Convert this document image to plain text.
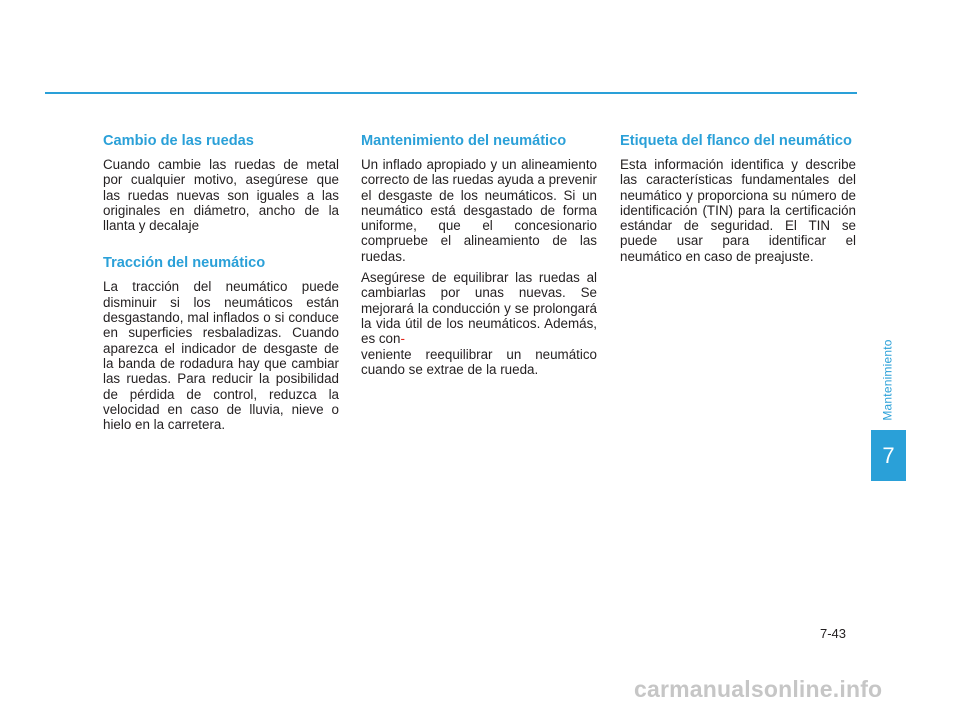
Cambio de las ruedas

Cuando cambie las ruedas de metal por cualquier motivo, asegúrese que las ruedas nuevas son iguales a las originales en diámetro, ancho de la llanta y decalaje

Tracción del neumático

La tracción del neumático puede disminuir si los neumáticos están desgastando, mal inflados o si conduce en superficies resbaladizas. Cuando aparezca el indicador de desgaste de la banda de rodadura hay que cambiar las ruedas. Para reducir la posibilidad de pérdida de control, reduzca la velocidad en caso de lluvia, nieve o hielo en la carretera.

Mantenimiento del neumático

Un inflado apropiado y un alineamiento correcto de las ruedas ayuda a prevenir el desgaste de los neumáticos. Si un neumático está desgastado de forma uniforme, que el concesionario compruebe el alineamiento de las ruedas.

Asegúrese de equilibrar las ruedas al cambiarlas por unas nuevas. Se mejorará la conducción y se prolongará la vida útil de los neumáticos. Además, es con-
veniente reequilibrar un neumático cuando se extrae de la rueda.

Etiqueta del flanco del neumático

Esta información identifica y describe las características fundamentales del neumático y proporciona su número de identificación (TIN) para la certificación estándar de seguridad. El TIN se puede usar para identificar el neumático en caso de preajuste.

Mantenimiento
7
7-43
carmanualsonline.info
